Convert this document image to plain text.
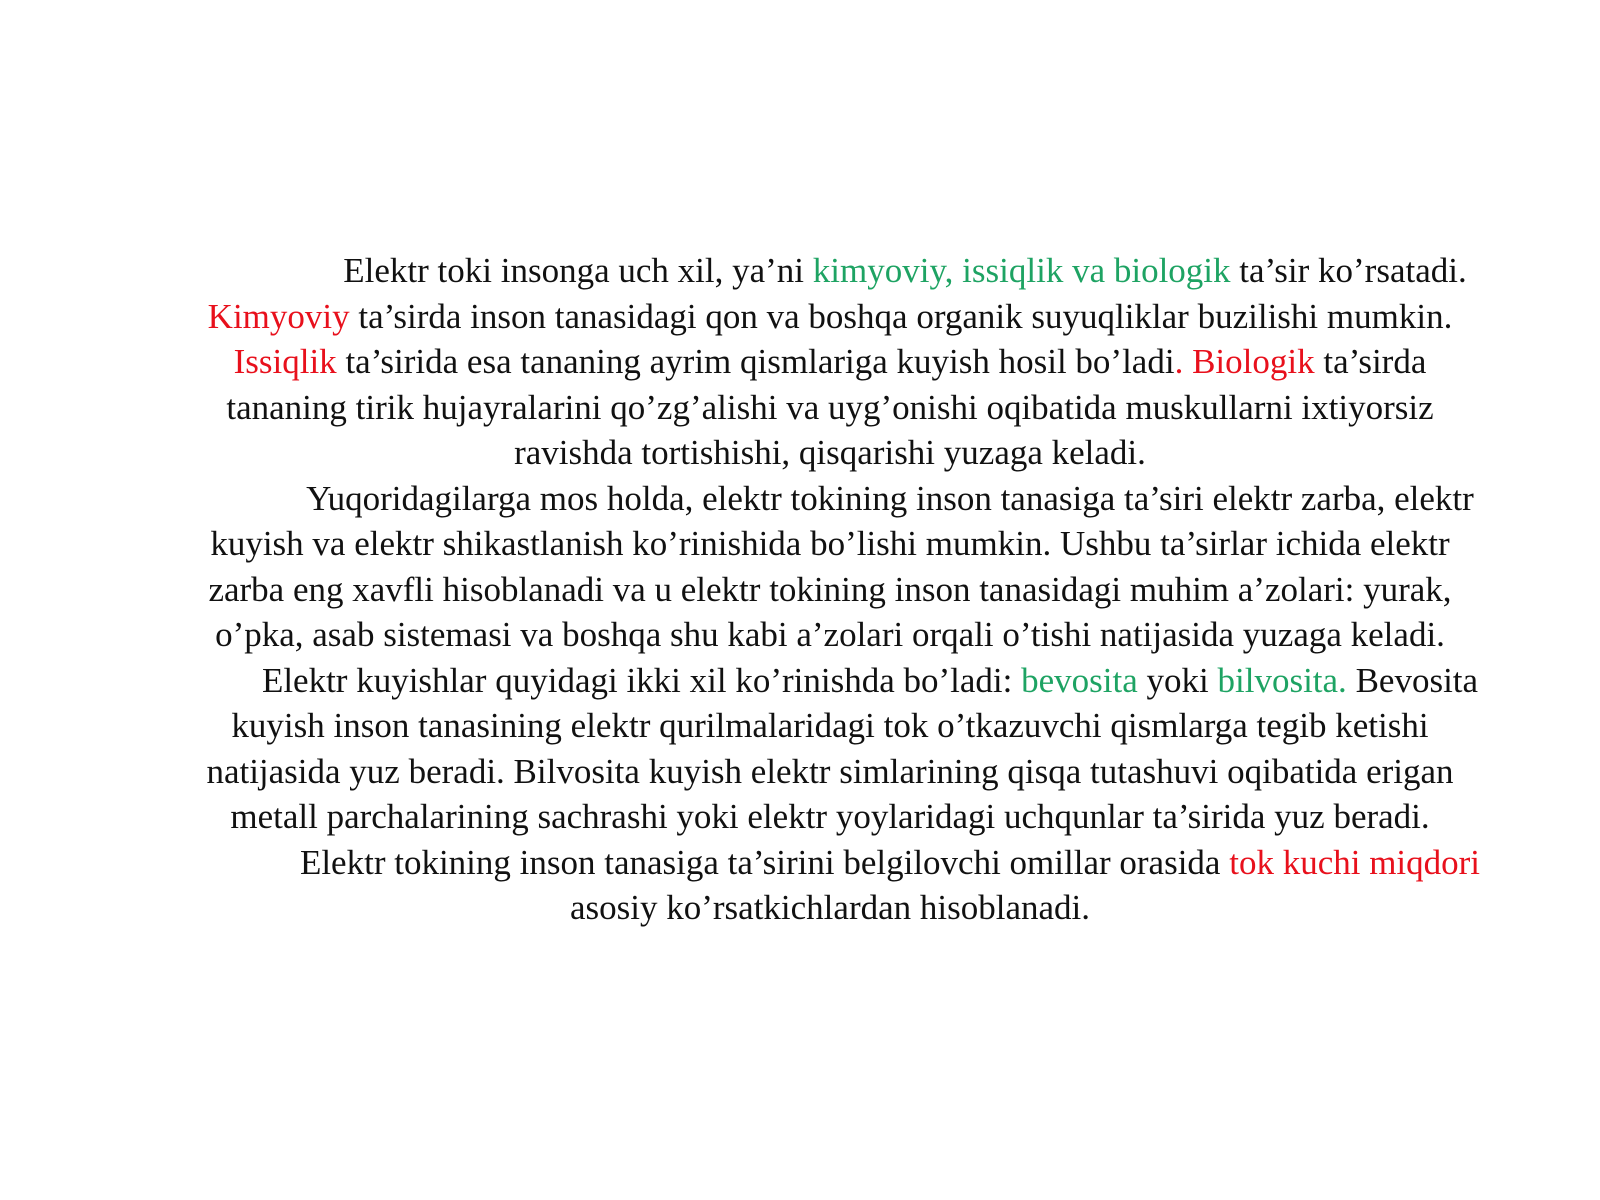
Elektr toki insonga uch xil, ya’ni kimyoviy, issiqlik va biologik ta’sir ko’rsatadi.
Kimyoviy ta’sirda inson tanasidagi qon va boshqa organik suyuqliklar buzilishi mumkin.
Issiqlik ta’sirida esa tananing ayrim qismlariga kuyish hosil bo’ladi. Biologik ta’sirda
tananing tirik hujayralarini qo’zg’alishi va uyg’onishi oqibatida muskullarni ixtiyorsiz
ravishda tortishishi, qisqarishi yuzaga keladi.
Yuqoridagilarga mos holda, elektr tokining inson tanasiga ta’siri elektr zarba, elektr
kuyish va elektr shikastlanish ko’rinishida bo’lishi mumkin. Ushbu ta’sirlar ichida elektr
zarba eng xavfli hisoblanadi va u elektr tokining inson tanasidagi muhim a’zolari: yurak,
o’pka, asab sistemasi va boshqa shu kabi a’zolari orqali o’tishi natijasida yuzaga keladi.
Elektr kuyishlar quyidagi ikki xil ko’rinishda bo’ladi: bevosita yoki bilvosita. Bevosita
kuyish inson tanasining elektr qurilmalaridagi tok o’tkazuvchi qismlarga tegib ketishi
natijasida yuz beradi. Bilvosita kuyish elektr simlarining qisqa tutashuvi oqibatida erigan
metall parchalarining sachrashi yoki elektr yoylaridagi uchqunlar ta’sirida yuz beradi.
Elektr tokining inson tanasiga ta’sirini belgilovchi omillar orasida tok kuchi miqdori
asosiy ko’rsatkichlardan hisoblanadi.
